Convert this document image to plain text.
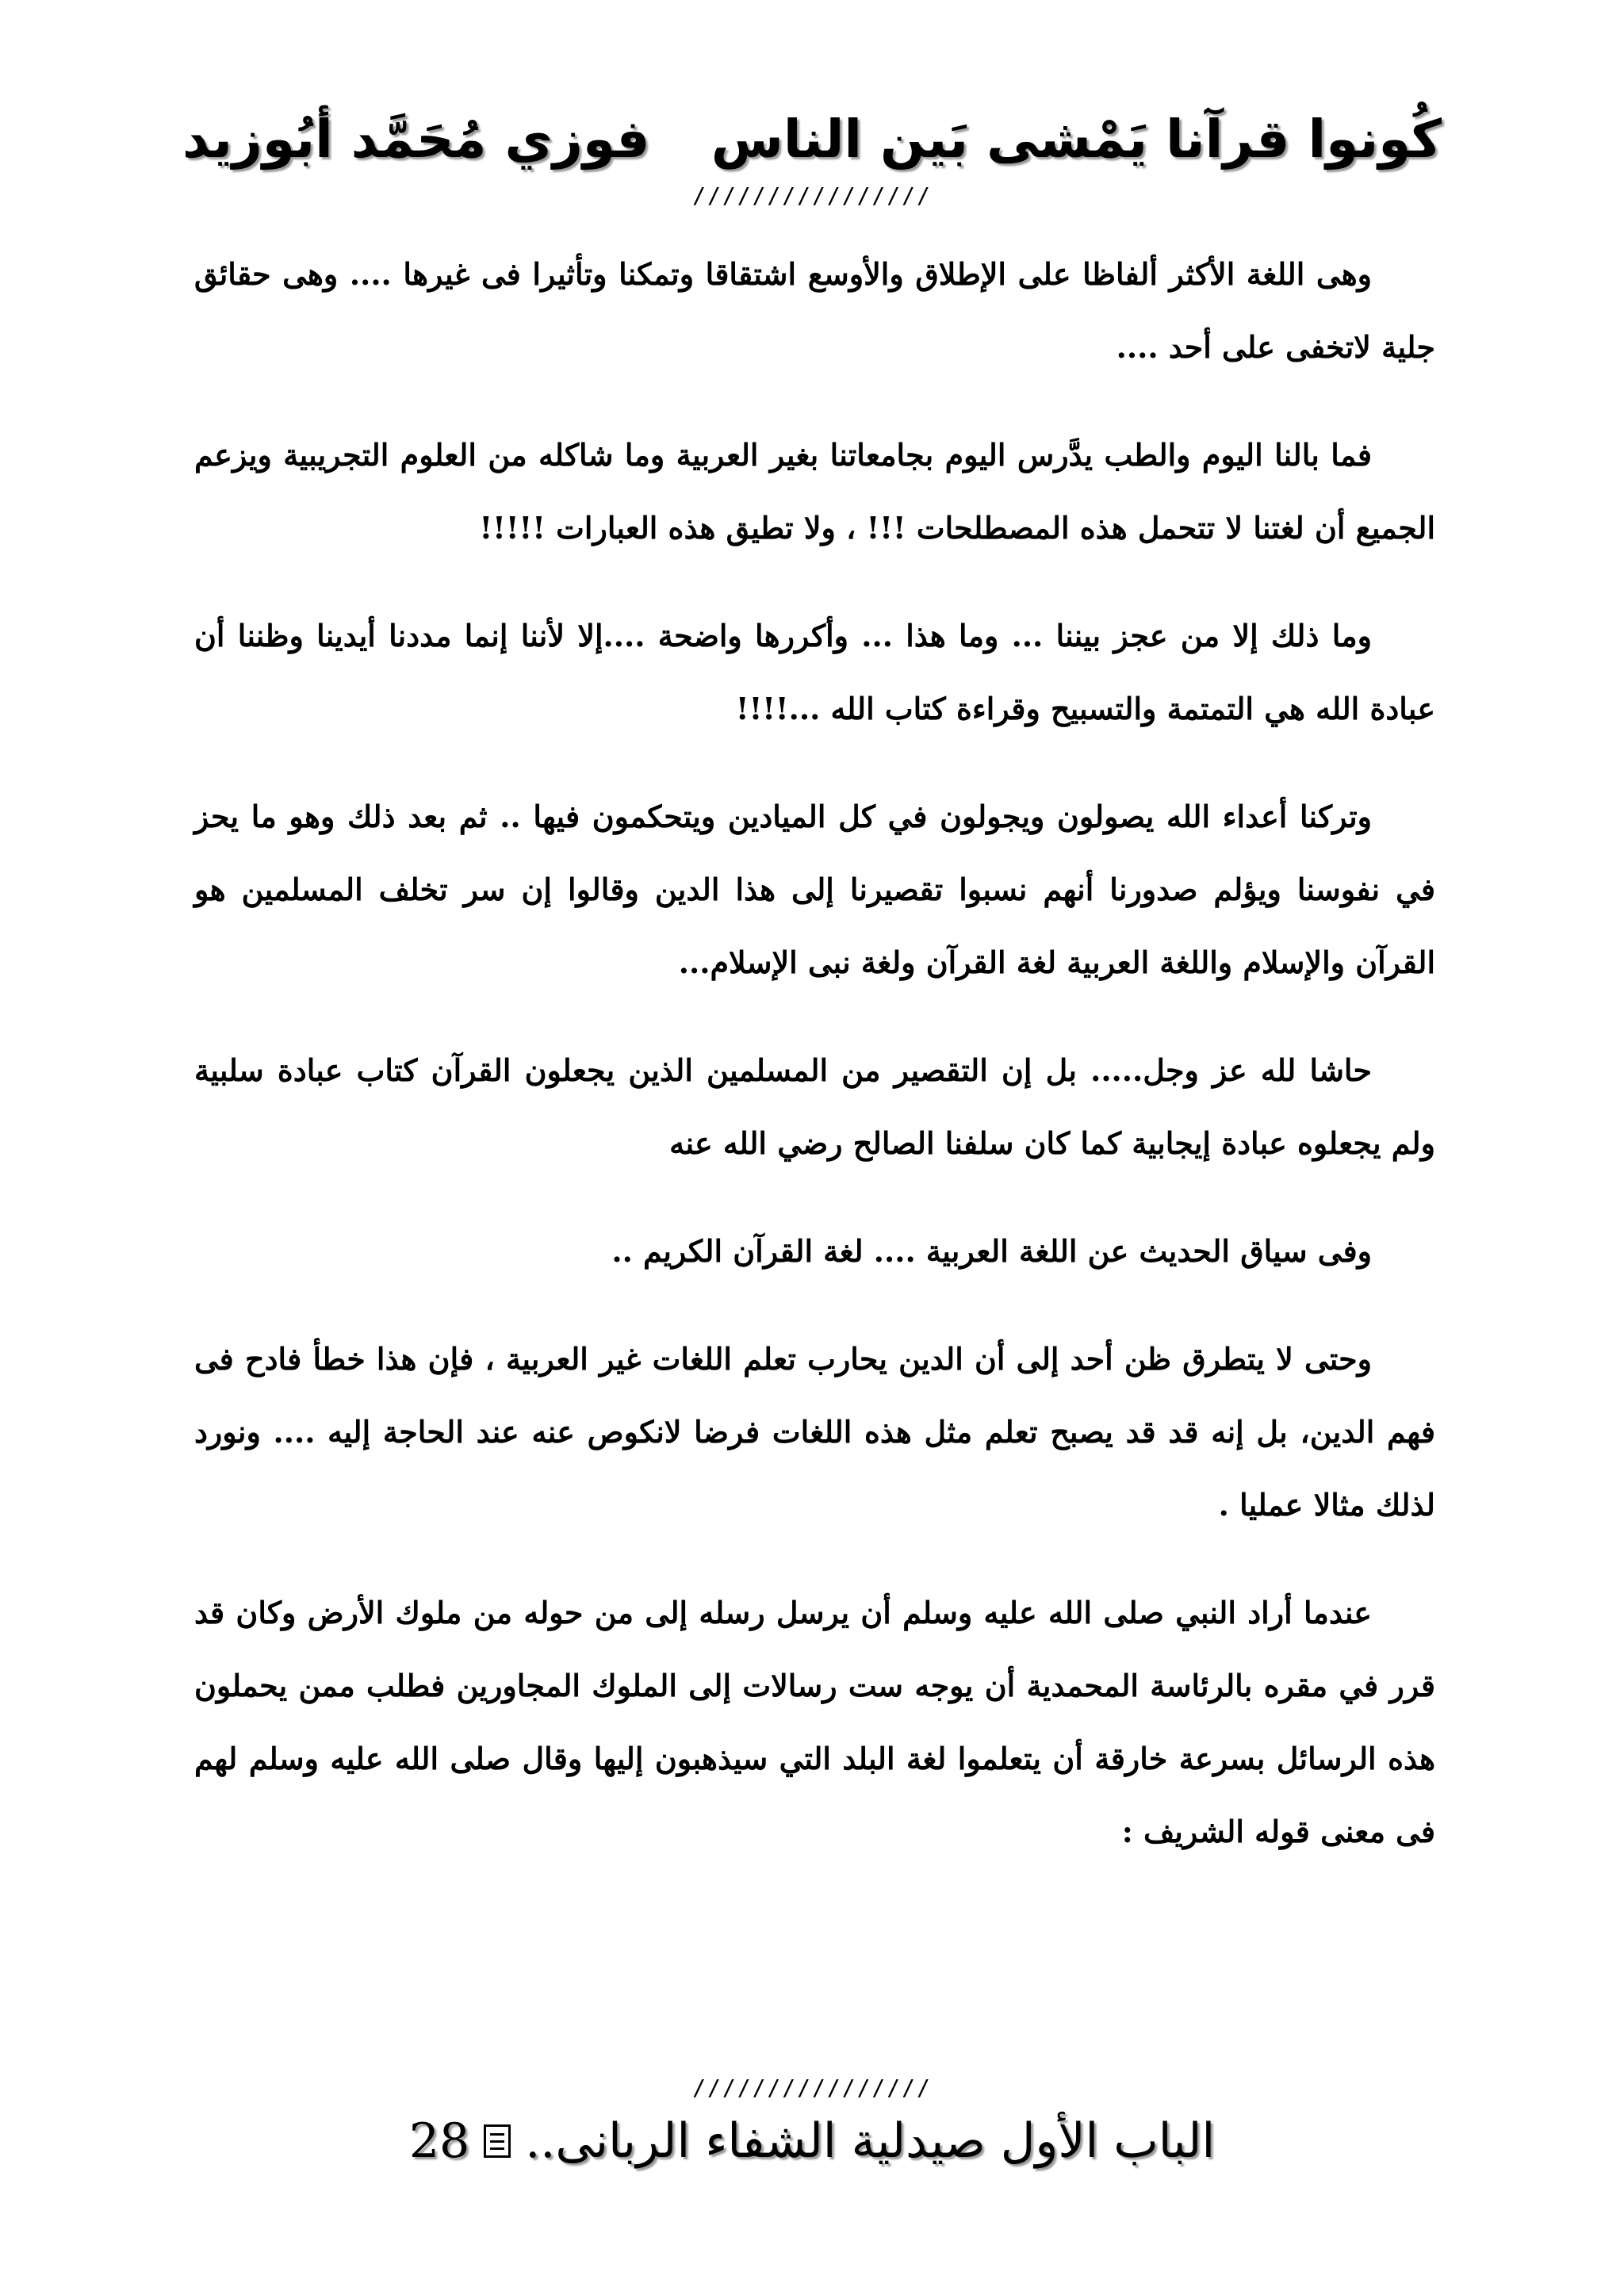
كُونوا قرآنا يَمْشى بَين الناس
فوزي مُحَمَّد أبُوزيد
////////////////

وهى اللغة الأكثر ألفاظا على الإطلاق والأوسع اشتقاقا وتمكنا وتأثيرا فى غيرها .... وهى حقائق جلية لاتخفى على أحد ....

فما بالنا اليوم والطب يدَّرس اليوم بجامعاتنا بغير العربية وما شاكله من العلوم التجريبية ويزعم الجميع أن لغتنا لا تتحمل هذه المصطلحات !!! ، ولا تطيق هذه العبارات !!!!!

وما ذلك إلا من عجز بيننا ... وما هذا ... وأكررها واضحة ....إلا لأننا إنما مددنا أيدينا وظننا أن عبادة الله هي التمتمة والتسبيح وقراءة كتاب الله ...!!!!

وتركنا أعداء الله يصولون ويجولون في كل الميادين ويتحكمون فيها .. ثم بعد ذلك وهو ما يحز في نفوسنا ويؤلم صدورنا أنهم نسبوا تقصيرنا إلى هذا الدين وقالوا إن سر تخلف المسلمين هو القرآن والإسلام واللغة العربية لغة القرآن ولغة نبى الإسلام...

حاشا لله عز وجل..... بل إن التقصير من المسلمين الذين يجعلون القرآن كتاب عبادة سلبية ولم يجعلوه عبادة إيجابية كما كان سلفنا الصالح رضي الله عنه

وفى سياق الحديث عن اللغة العربية .... لغة القرآن الكريم ..

وحتى لا يتطرق ظن أحد إلى أن الدين يحارب تعلم اللغات غير العربية ، فإن هذا خطأ فادح فى فهم الدين، بل إنه قد قد يصبح تعلم مثل هذه اللغات فرضا لانكوص عنه عند الحاجة إليه .... ونورد لذلك مثالا عمليا .

عندما أراد النبي صلى الله عليه وسلم أن يرسل رسله إلى من حوله من ملوك الأرض وكان قد قرر في مقره بالرئاسة المحمدية أن يوجه ست رسالات إلى الملوك المجاورين فطلب ممن يحملون هذه الرسائل بسرعة خارقة أن يتعلموا لغة البلد التي سيذهبون إليها وقال صلى الله عليه وسلم لهم فى معنى قوله الشريف :

////////////////
الباب الأول صيدلية الشفاء الربانى..
28
